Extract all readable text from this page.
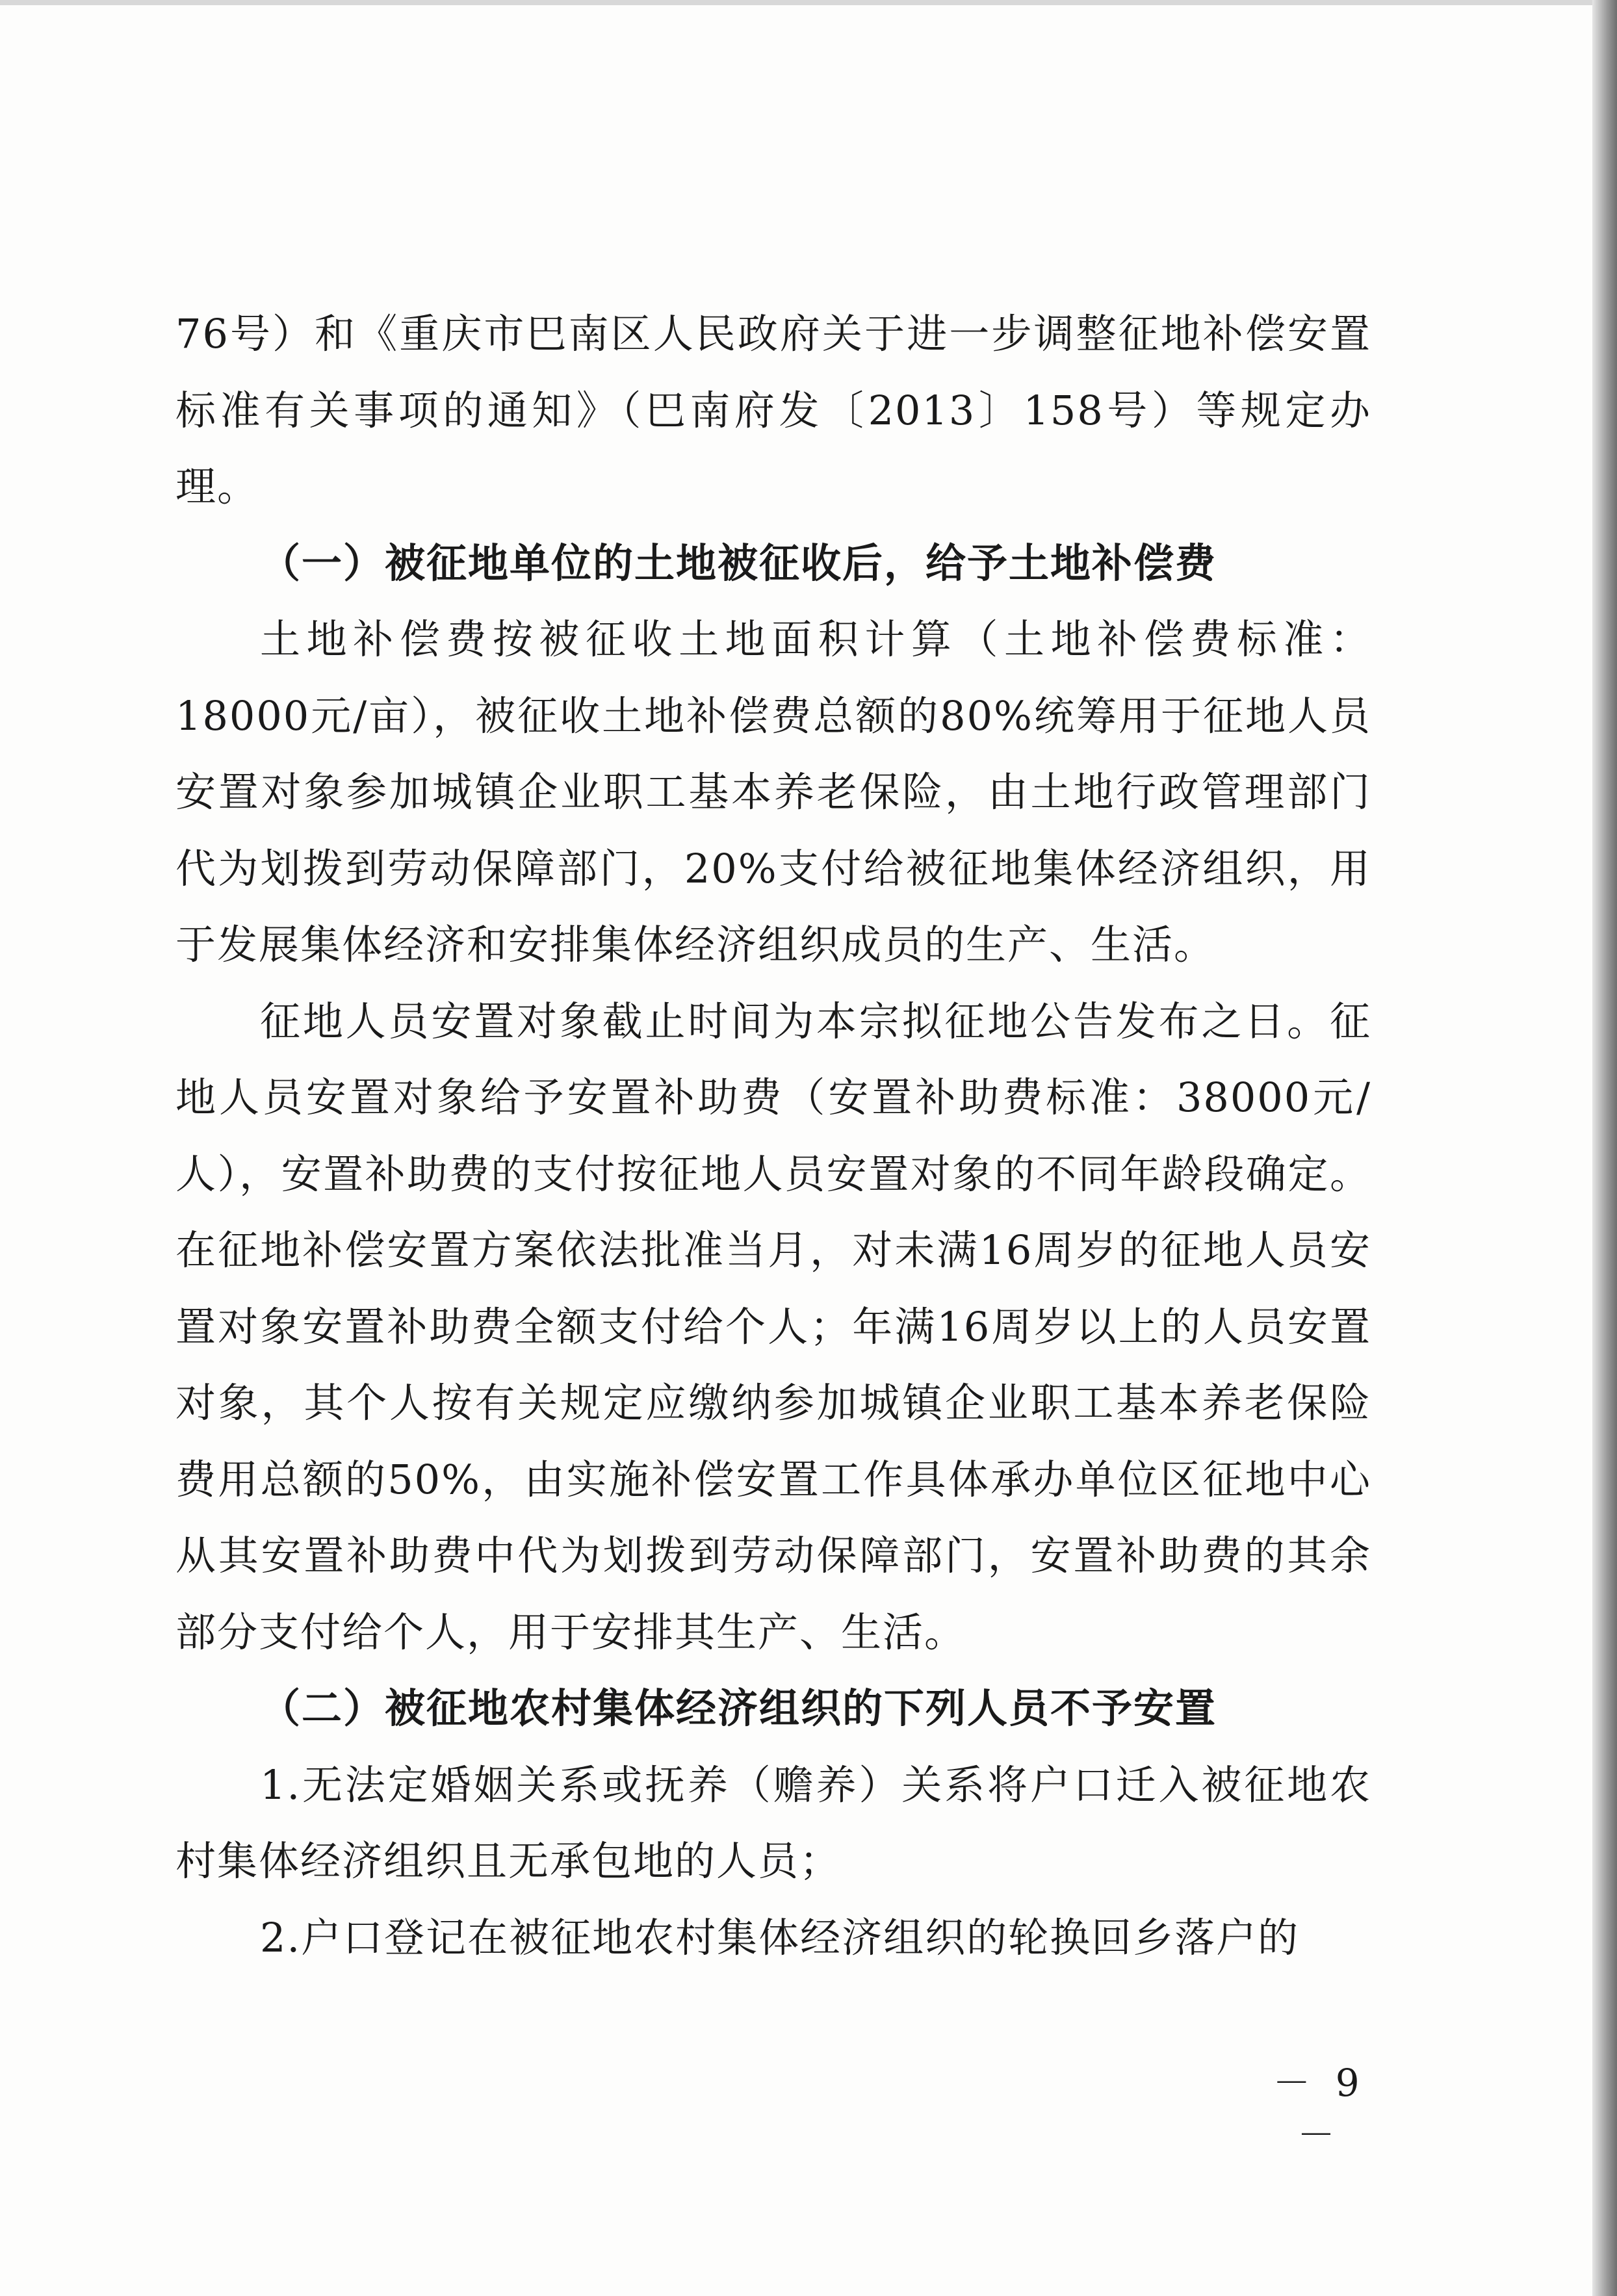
76号）和《重庆市巴南区人民政府关于进一步调整征地补偿安置标准有关事项的通知》（巴南府发〔2013〕158号）等规定办理。

（一）被征地单位的土地被征收后，给予土地补偿费

土地补偿费按被征收土地面积计算（土地补偿费标准：18000元/亩），被征收土地补偿费总额的80%统筹用于征地人员安置对象参加城镇企业职工基本养老保险，由土地行政管理部门代为划拨到劳动保障部门，20%支付给被征地集体经济组织，用于发展集体经济和安排集体经济组织成员的生产、生活。

征地人员安置对象截止时间为本宗拟征地公告发布之日。征地人员安置对象给予安置补助费（安置补助费标准：38000元/人），安置补助费的支付按征地人员安置对象的不同年龄段确定。在征地补偿安置方案依法批准当月，对未满16周岁的征地人员安置对象安置补助费全额支付给个人；年满16周岁以上的人员安置对象，其个人按有关规定应缴纳参加城镇企业职工基本养老保险费用总额的50%，由实施补偿安置工作具体承办单位区征地中心从其安置补助费中代为划拨到劳动保障部门，安置补助费的其余部分支付给个人，用于安排其生产、生活。

（二）被征地农村集体经济组织的下列人员不予安置

1.无法定婚姻关系或抚养（赡养）关系将户口迁入被征地农村集体经济组织且无承包地的人员；

2.户口登记在被征地农村集体经济组织的轮换回乡落户的

－ 9 －
